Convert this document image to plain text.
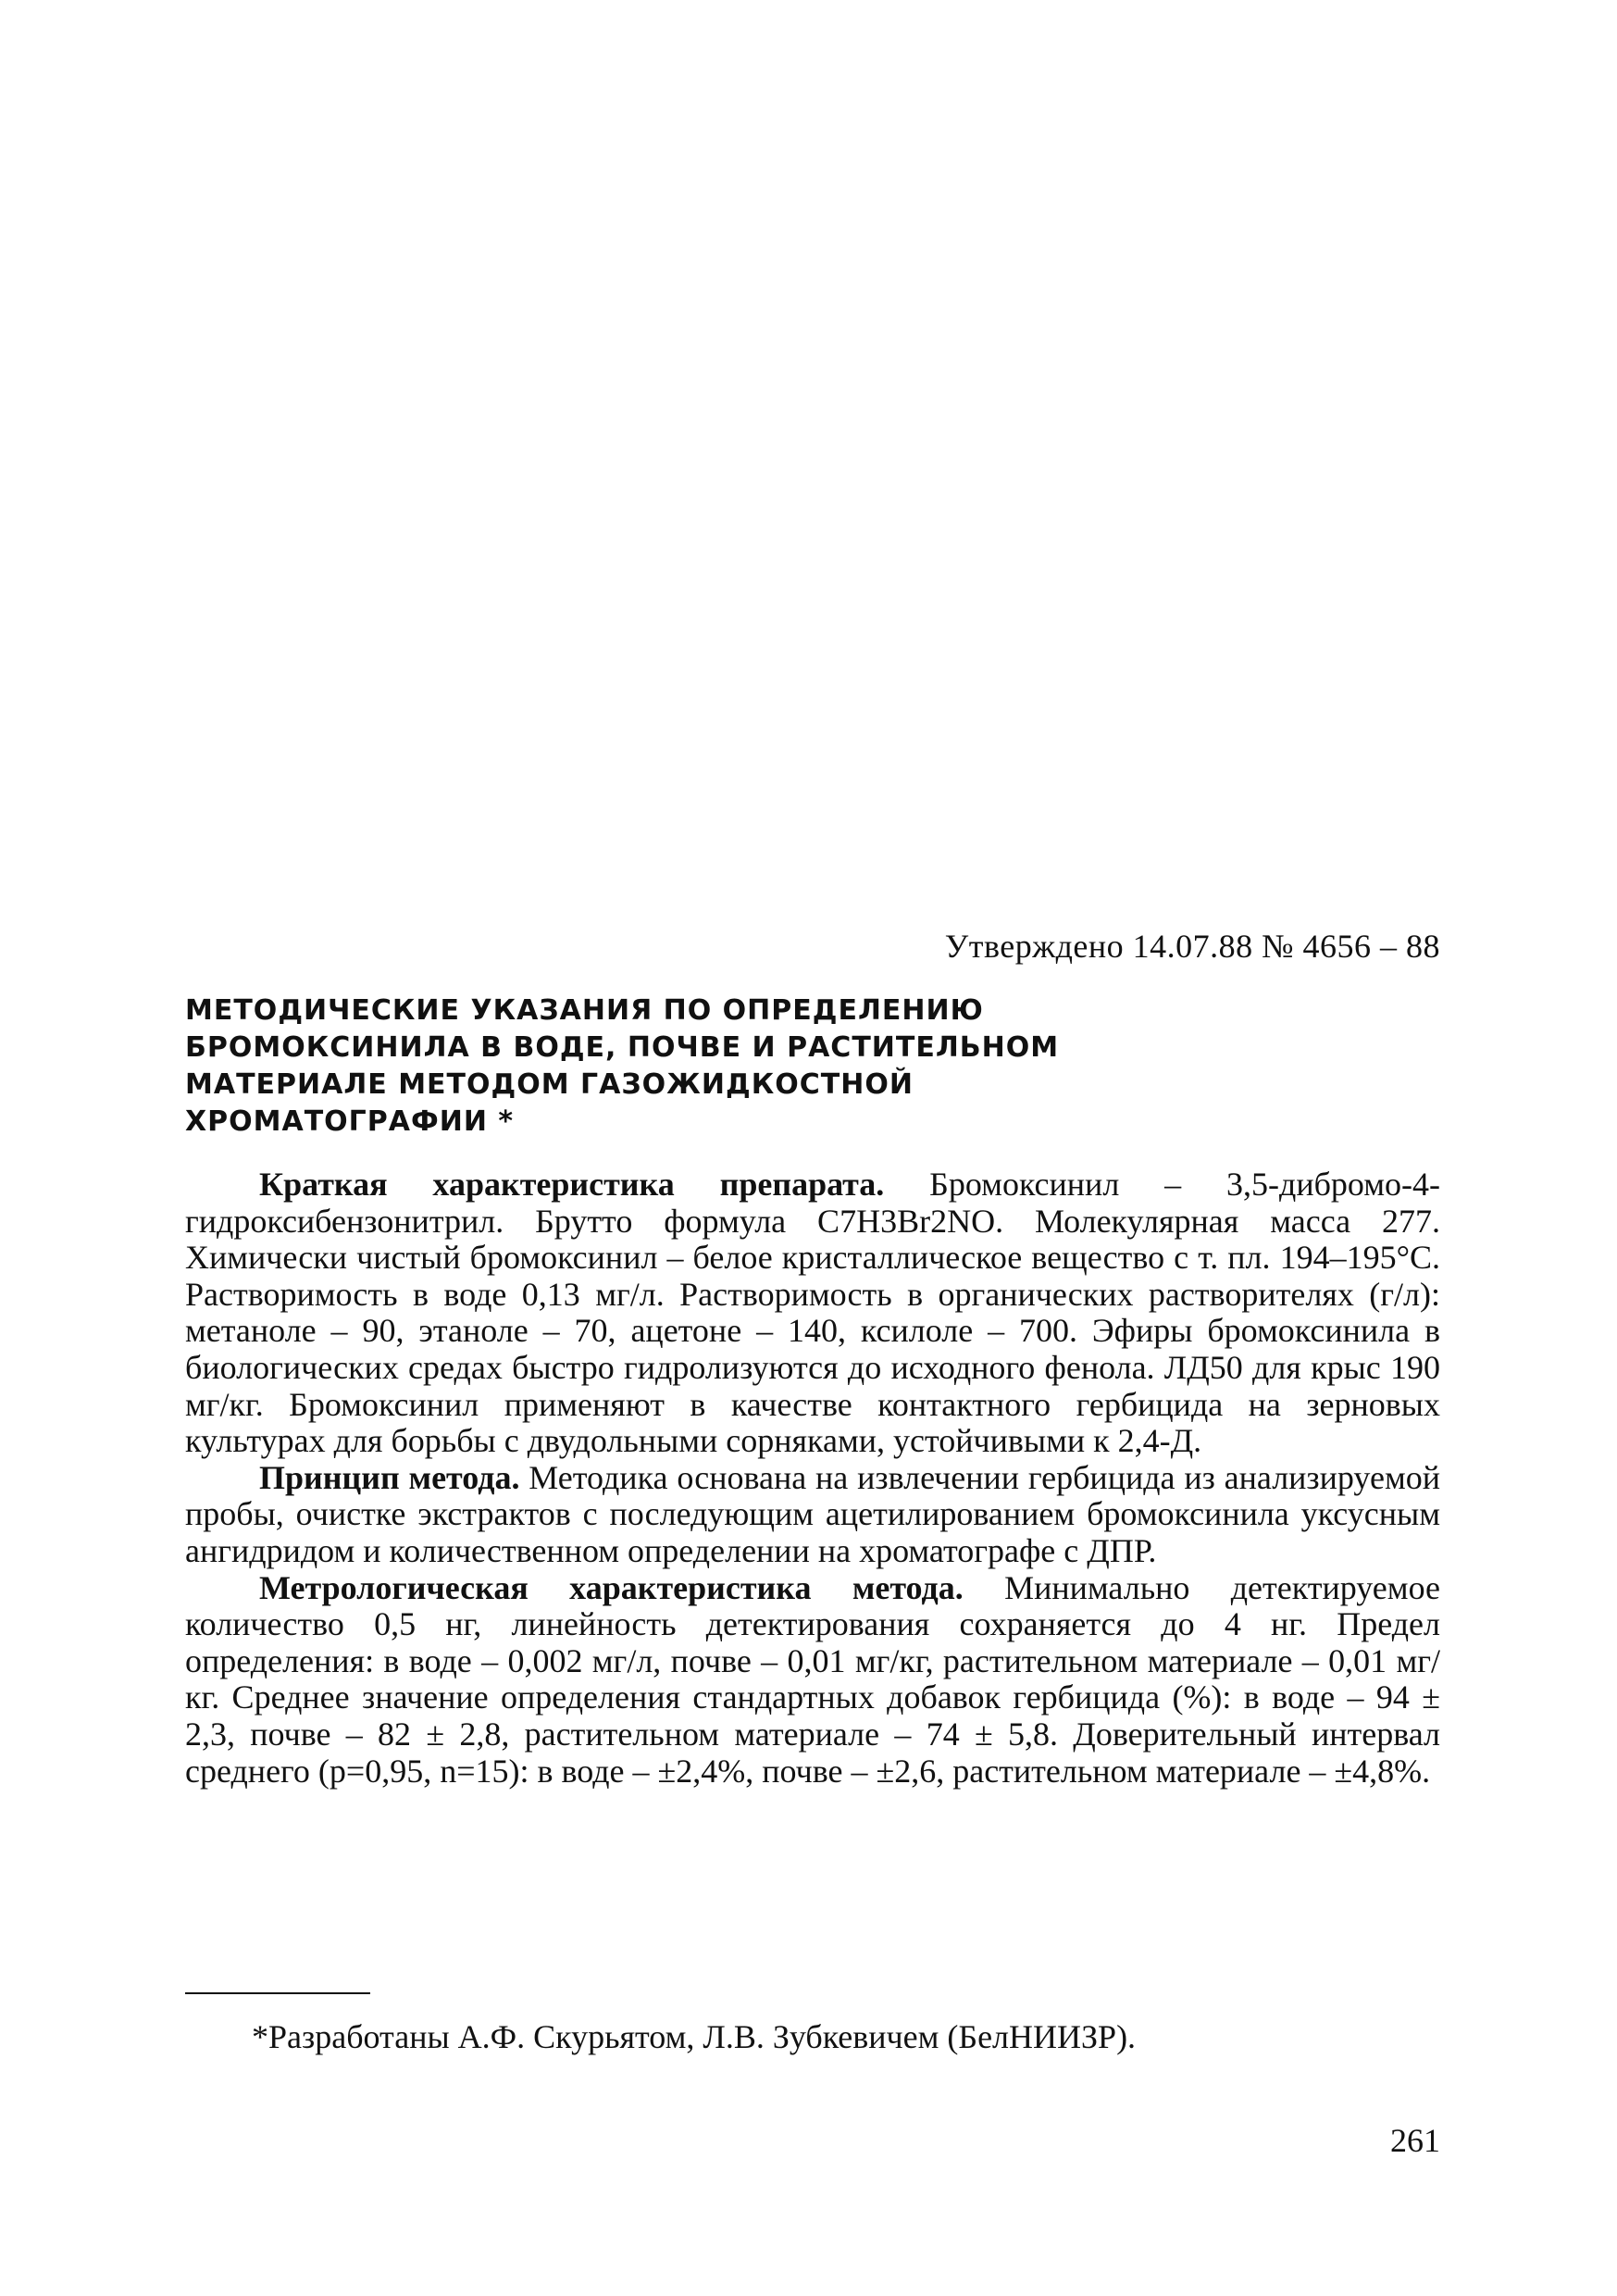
Утверждено 14.07.88 № 4656 – 88
МЕТОДИЧЕСКИЕ УКАЗАНИЯ ПО ОПРЕДЕЛЕНИЮ
БРОМОКСИНИЛА В ВОДЕ, ПОЧВЕ И РАСТИТЕЛЬНОМ
МАТЕРИАЛЕ МЕТОДОМ ГАЗОЖИДКОСТНОЙ
ХРОМАТОГРАФИИ *

Краткая характеристика препарата. Бромоксинил – 3,5-дибромо-4-гидроксибензонитрил. Брутто формула C7H3Br2NO. Молекулярная масса 277. Химически чистый бромоксинил – белое кристаллическое вещество с т. пл. 194–195°C. Растворимость в воде 0,13 мг/л. Растворимость в органических растворителях (г/л): метаноле – 90, этаноле – 70, ацетоне – 140, ксилоле – 700. Эфиры бромоксинила в биологических средах быстро гидролизуются до исходного фенола. ЛД50 для крыс 190 мг/кг. Бромоксинил применяют в качестве контактного гербицида на зерновых культурах для борьбы с двудольными сорняками, устойчивыми к 2,4-Д.

Принцип метода. Методика основана на извлечении гербицида из анализируемой пробы, очистке экстрактов с последующим ацетилированием бромоксинила уксусным ангидридом и количественном определении на хроматографе с ДПР.

Метрологическая характеристика метода. Минимально детектируемое количество 0,5 нг, линейность детектирования сохраняется до 4 нг. Предел определения: в воде – 0,002 мг/л, почве – 0,01 мг/кг, растительном материале – 0,01 мг/кг. Среднее значение определения стандартных добавок гербицида (%): в воде – 94 ± 2,3, почве – 82 ± 2,8, растительном материале – 74 ± 5,8. Доверительный интервал среднего (p=0,95, n=15): в воде – ±2,4%, почве – ±2,6, растительном материале – ±4,8%.

*Разработаны А.Ф. Скурьятом, Л.В. Зубкевичем (БелНИИЗР).
261
